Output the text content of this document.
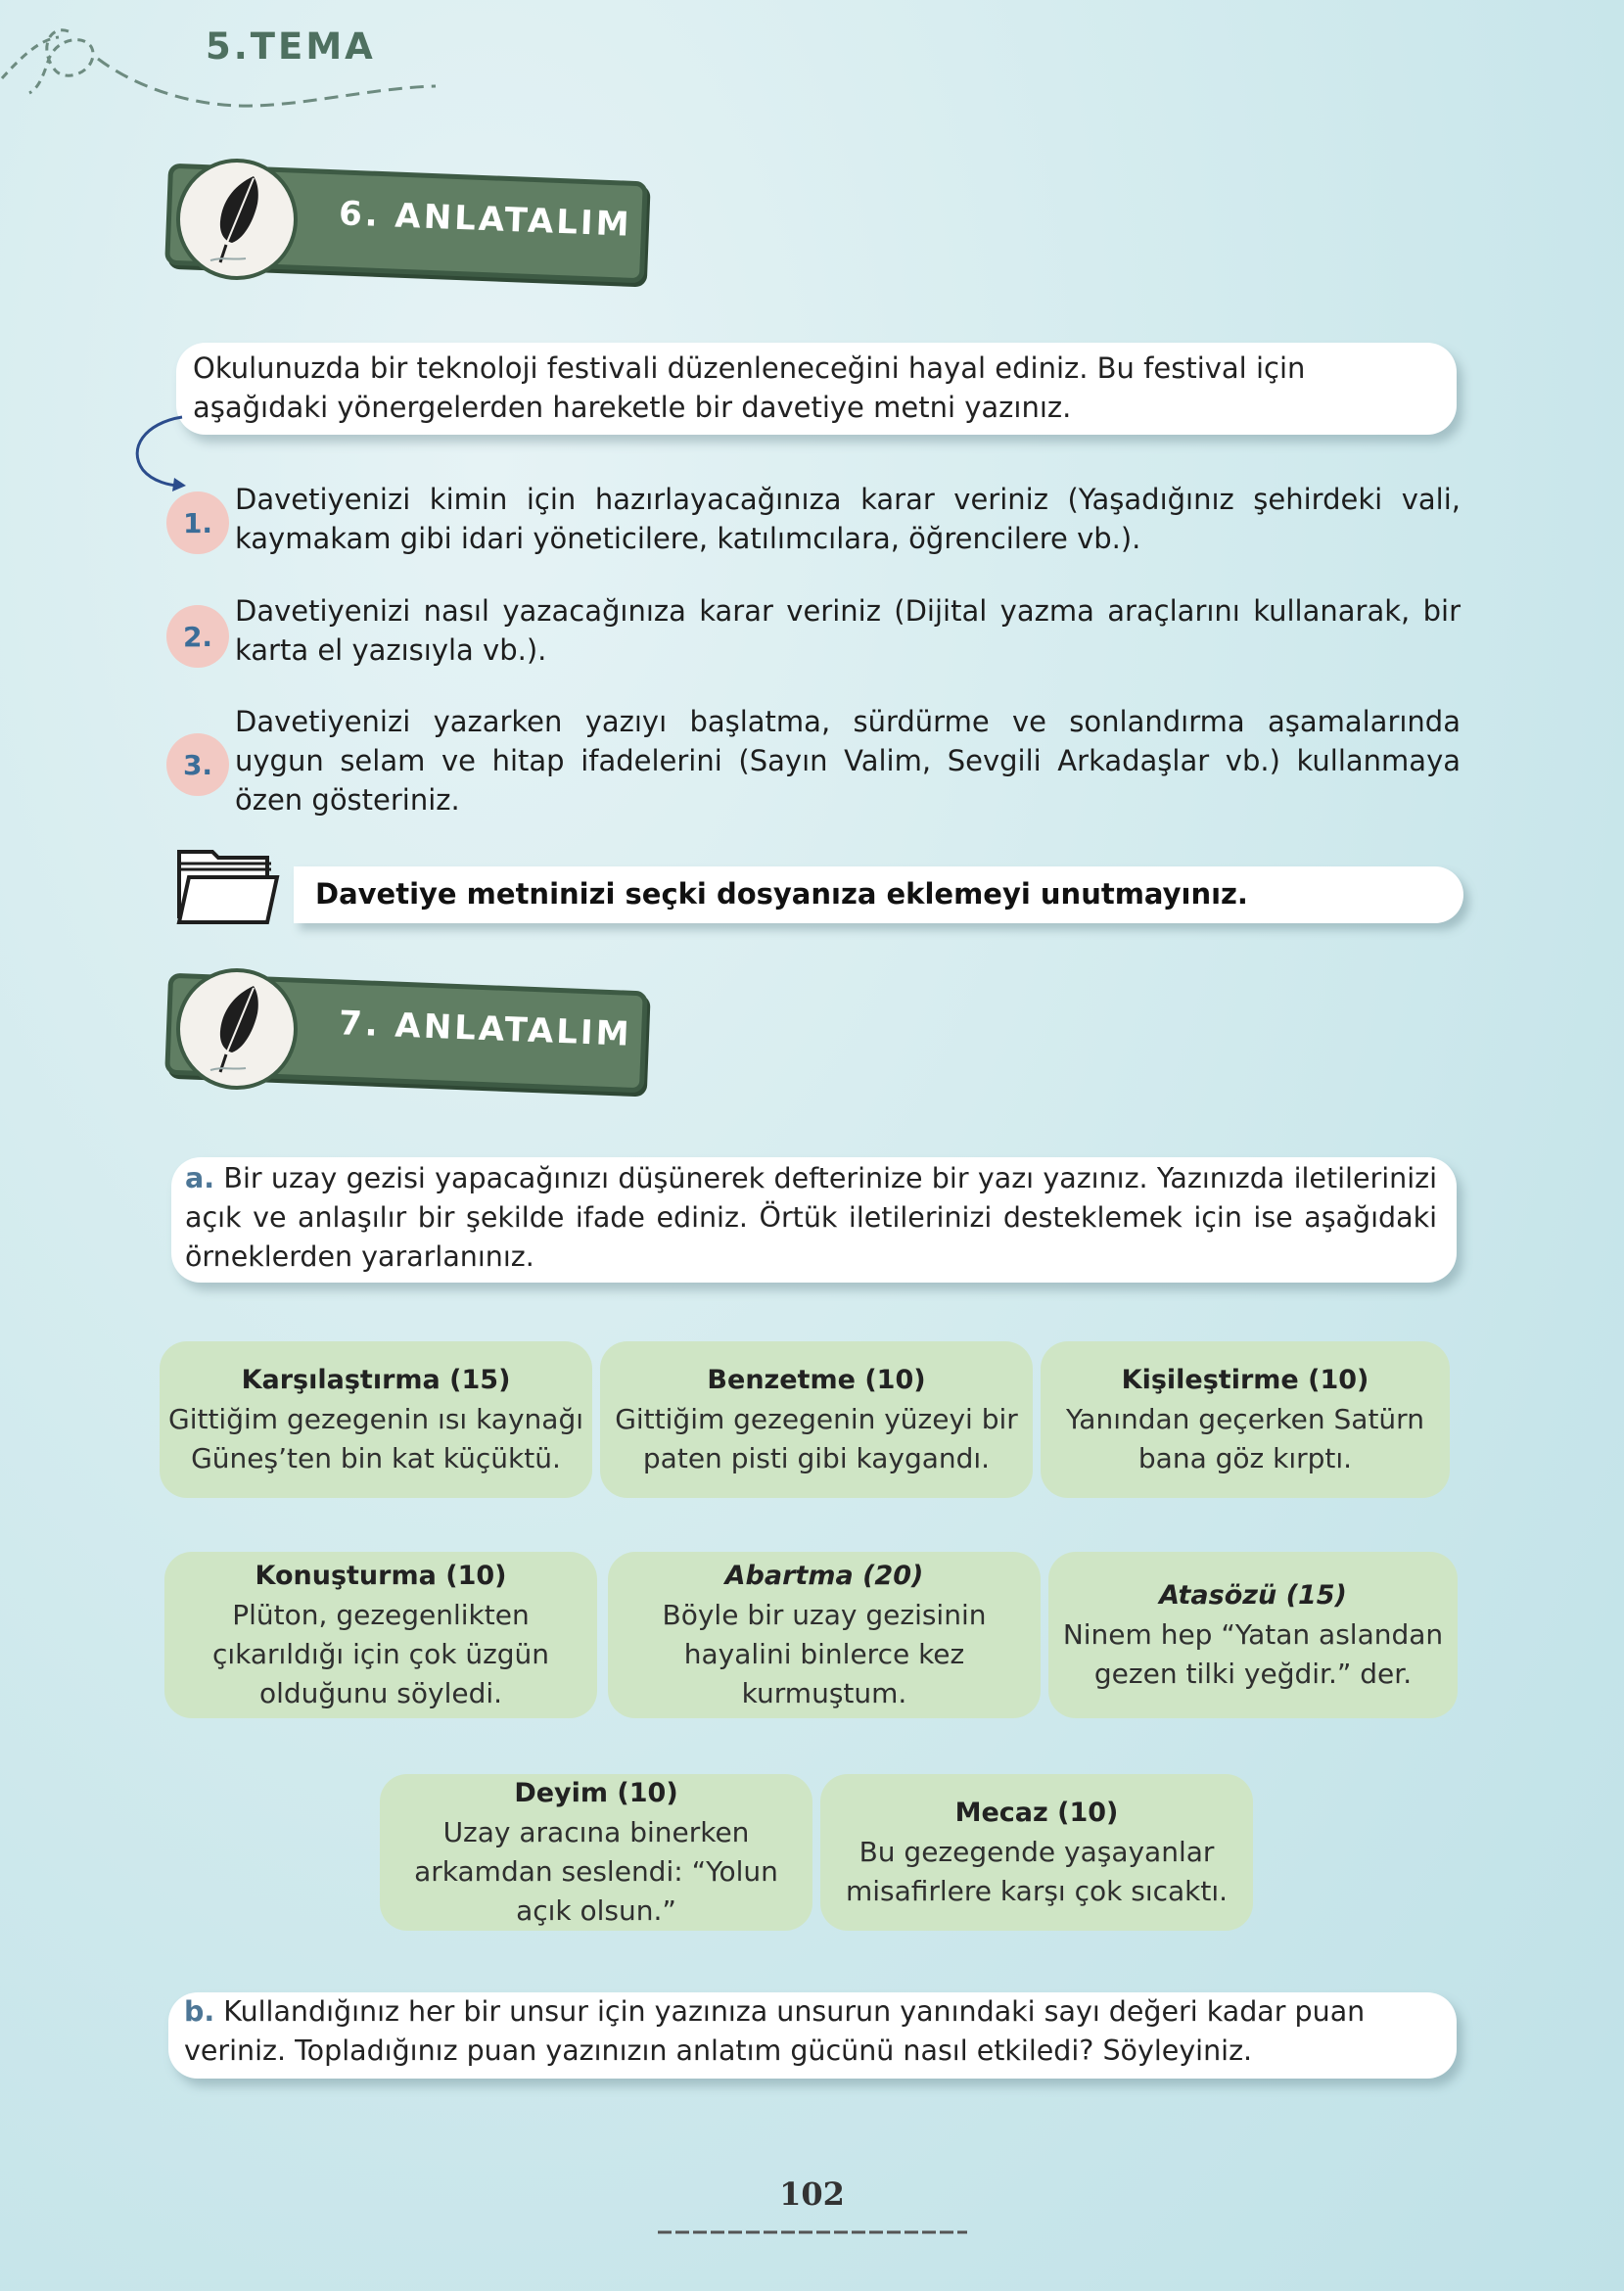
5.TEMA
6. ANLATALIM
Okulunuzda bir teknoloji festivali düzenleneceğini hayal ediniz. Bu festival için aşağıdaki yönergelerden hareketle bir davetiye metni yazınız.
1.
Davetiyenizi kimin için hazırlayacağınıza karar veriniz (Yaşadığınız şehirdeki vali, kaymakam gibi idari yöneticilere, katılımcılara, öğrencilere vb.).
2.
Davetiyenizi nasıl yazacağınıza karar veriniz (Dijital yazma araçlarını kullanarak, bir karta el yazısıyla vb.).
3.
Davetiyenizi yazarken yazıyı başlatma, sürdürme ve sonlandırma aşamalarında uygun selam ve hitap ifadelerini (Sayın Valim, Sevgili Arkadaşlar vb.) kullanmaya özen gösteriniz.
Davetiye metninizi seçki dosyanıza eklemeyi unutmayınız.
7. ANLATALIM
a. Bir uzay gezisi yapacağınızı düşünerek defterinize bir yazı yazınız. Yazınızda iletilerinizi açık ve anlaşılır bir şekilde ifade ediniz. Örtük iletilerinizi desteklemek için ise aşağıdaki örneklerden yararlanınız.
Karşılaştırma (15)
Gittiğim gezegenin ısı kaynağı Güneş’ten bin kat küçüktü.
Benzetme (10)
Gittiğim gezegenin yüzeyi bir paten pisti gibi kaygandı.
Kişileştirme (10)
Yanından geçerken Satürn bana göz kırptı.
Konuşturma (10)
Plüton, gezegenlikten çıkarıldığı için çok üzgün olduğunu söyledi.
Abartma (20)
Böyle bir uzay gezisinin hayalini binlerce kez kurmuştum.
Atasözü (15)
Ninem hep “Yatan aslandan gezen tilki yeğdir.” der.
Deyim (10)
Uzay aracına binerken arkamdan seslendi: “Yolun açık olsun.”
Mecaz (10)
Bu gezegende yaşayanlar misafirlere karşı çok sıcaktı.
b. Kullandığınız her bir unsur için yazınıza unsurun yanındaki sayı değeri kadar puan veriniz. Topladığınız puan yazınızın anlatım gücünü nasıl etkiledi? Söyleyiniz.
102
